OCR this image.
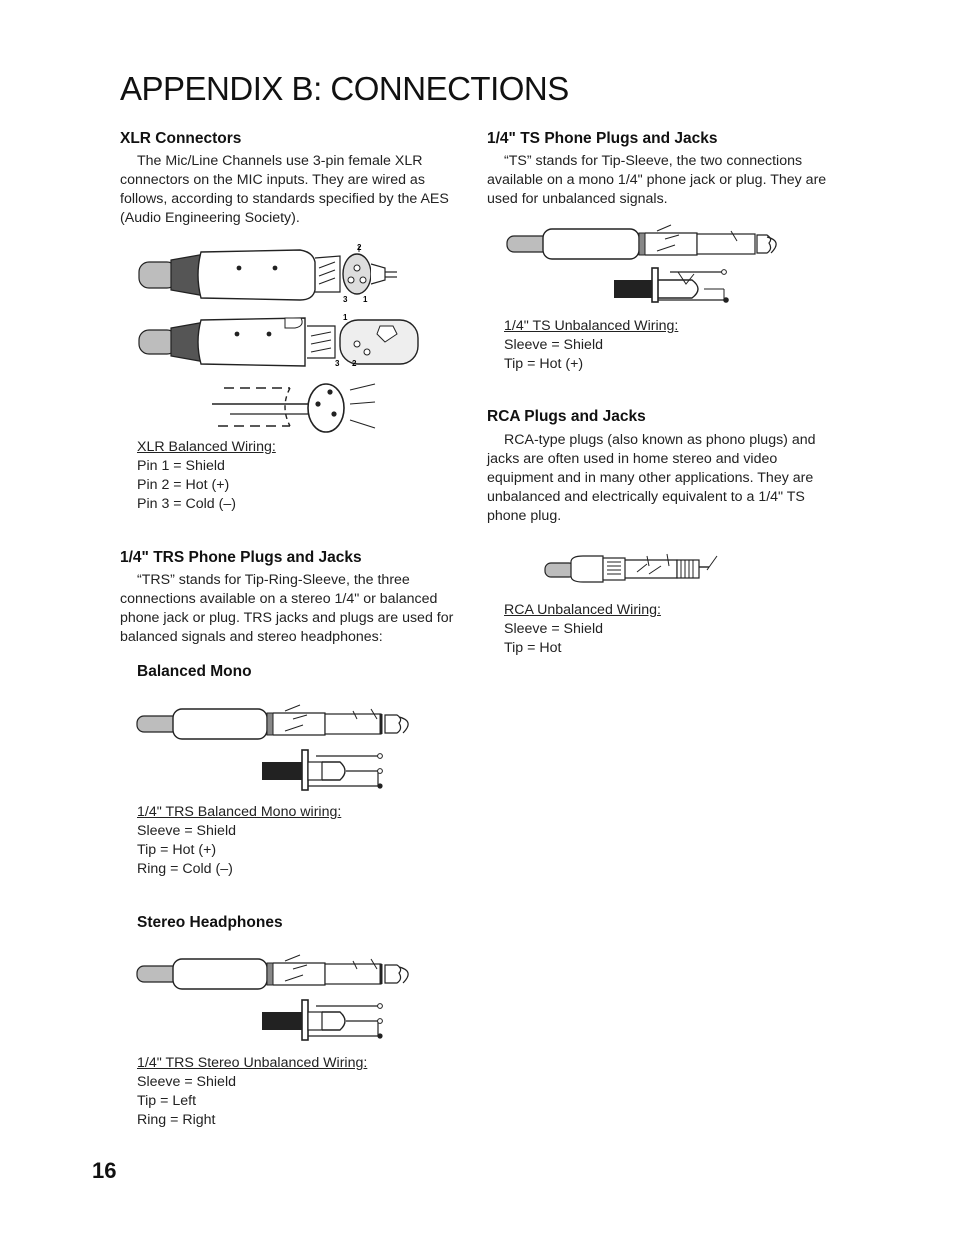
APPENDIX B: CONNECTIONS
XLR Connectors

The Mic/Line Channels use 3-pin female XLR connectors on the MIC inputs. They are wired as follows, according to standards specified by the AES (Audio Engineering Society).

2
3 1
1
3 2
XLR Balanced Wiring:
Pin 1 = Shield
Pin 2 = Hot (+)
Pin 3 = Cold (–)
1/4" TRS Phone Plugs and Jacks

“TRS” stands for Tip-Ring-Sleeve, the three connections available on a stereo 1/4" or balanced phone jack or plug. TRS jacks and plugs are used for balanced signals and stereo headphones:

Balanced Mono
1/4" TRS Balanced Mono wiring:
Sleeve = Shield
Tip = Hot (+)
Ring = Cold (–)
Stereo Headphones
1/4" TRS Stereo Unbalanced Wiring:
Sleeve = Shield
Tip = Left
Ring = Right
1/4" TS Phone Plugs and Jacks

“TS” stands for Tip-Sleeve, the two connections available on a mono 1/4" phone jack or plug. They are used for unbalanced signals.

1/4" TS Unbalanced Wiring:
Sleeve = Shield
Tip = Hot (+)
RCA Plugs and Jacks

RCA-type plugs (also known as phono plugs) and jacks are often used in home stereo and video equipment and in many other applications. They are unbalanced and electrically equivalent to a 1/4" TS phone plug.

RCA Unbalanced Wiring:
Sleeve = Shield
Tip = Hot
16
